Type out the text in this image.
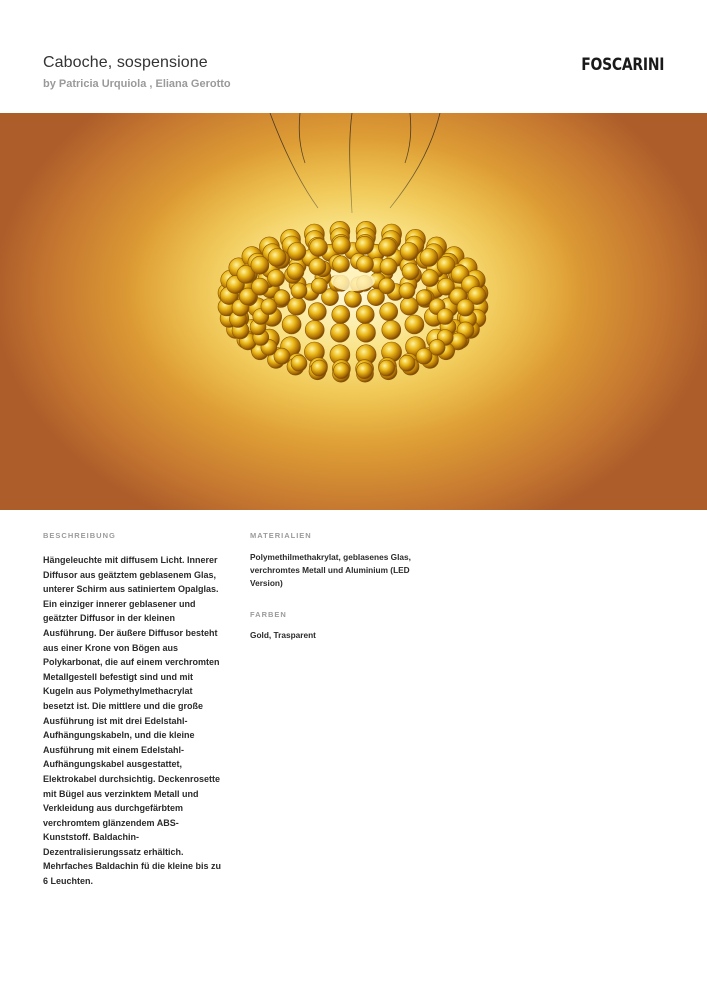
Caboche, sospensione
by Patricia Urquiola , Eliana Gerotto
FOSCARINI
BESCHREIBUNG
Hängeleuchte mit diffusem Licht. Innerer Diffusor aus geätztem geblasenem Glas, unterer Schirm aus satiniertem Opalglas. Ein einziger innerer geblasener und geätzter Diffusor in der kleinen Ausführung. Der äußere Diffusor besteht aus einer Krone von Bögen aus Polykarbonat, die auf einem verchromten Metallgestell befestigt sind und mit Kugeln aus Polymethylmethacrylat besetzt ist. Die mittlere und die große Ausführung ist mit drei Edelstahl-Aufhängungskabeln, und die kleine Ausführung mit einem Edelstahl-Aufhängungskabel ausgestattet, Elektrokabel durchsichtig. Deckenrosette mit Bügel aus verzinktem Metall und Verkleidung aus durchgefärbtem verchromtem glänzendem ABS-Kunststoff. Baldachin-Dezentralisierungssatz erhältich. Mehrfaches Baldachin fü die kleine bis zu 6 Leuchten.
MATERIALIEN
Polymethilmethakrylat, geblasenes Glas, verchromtes Metall und Aluminium (LED Version)
FARBEN
Gold, Trasparent
